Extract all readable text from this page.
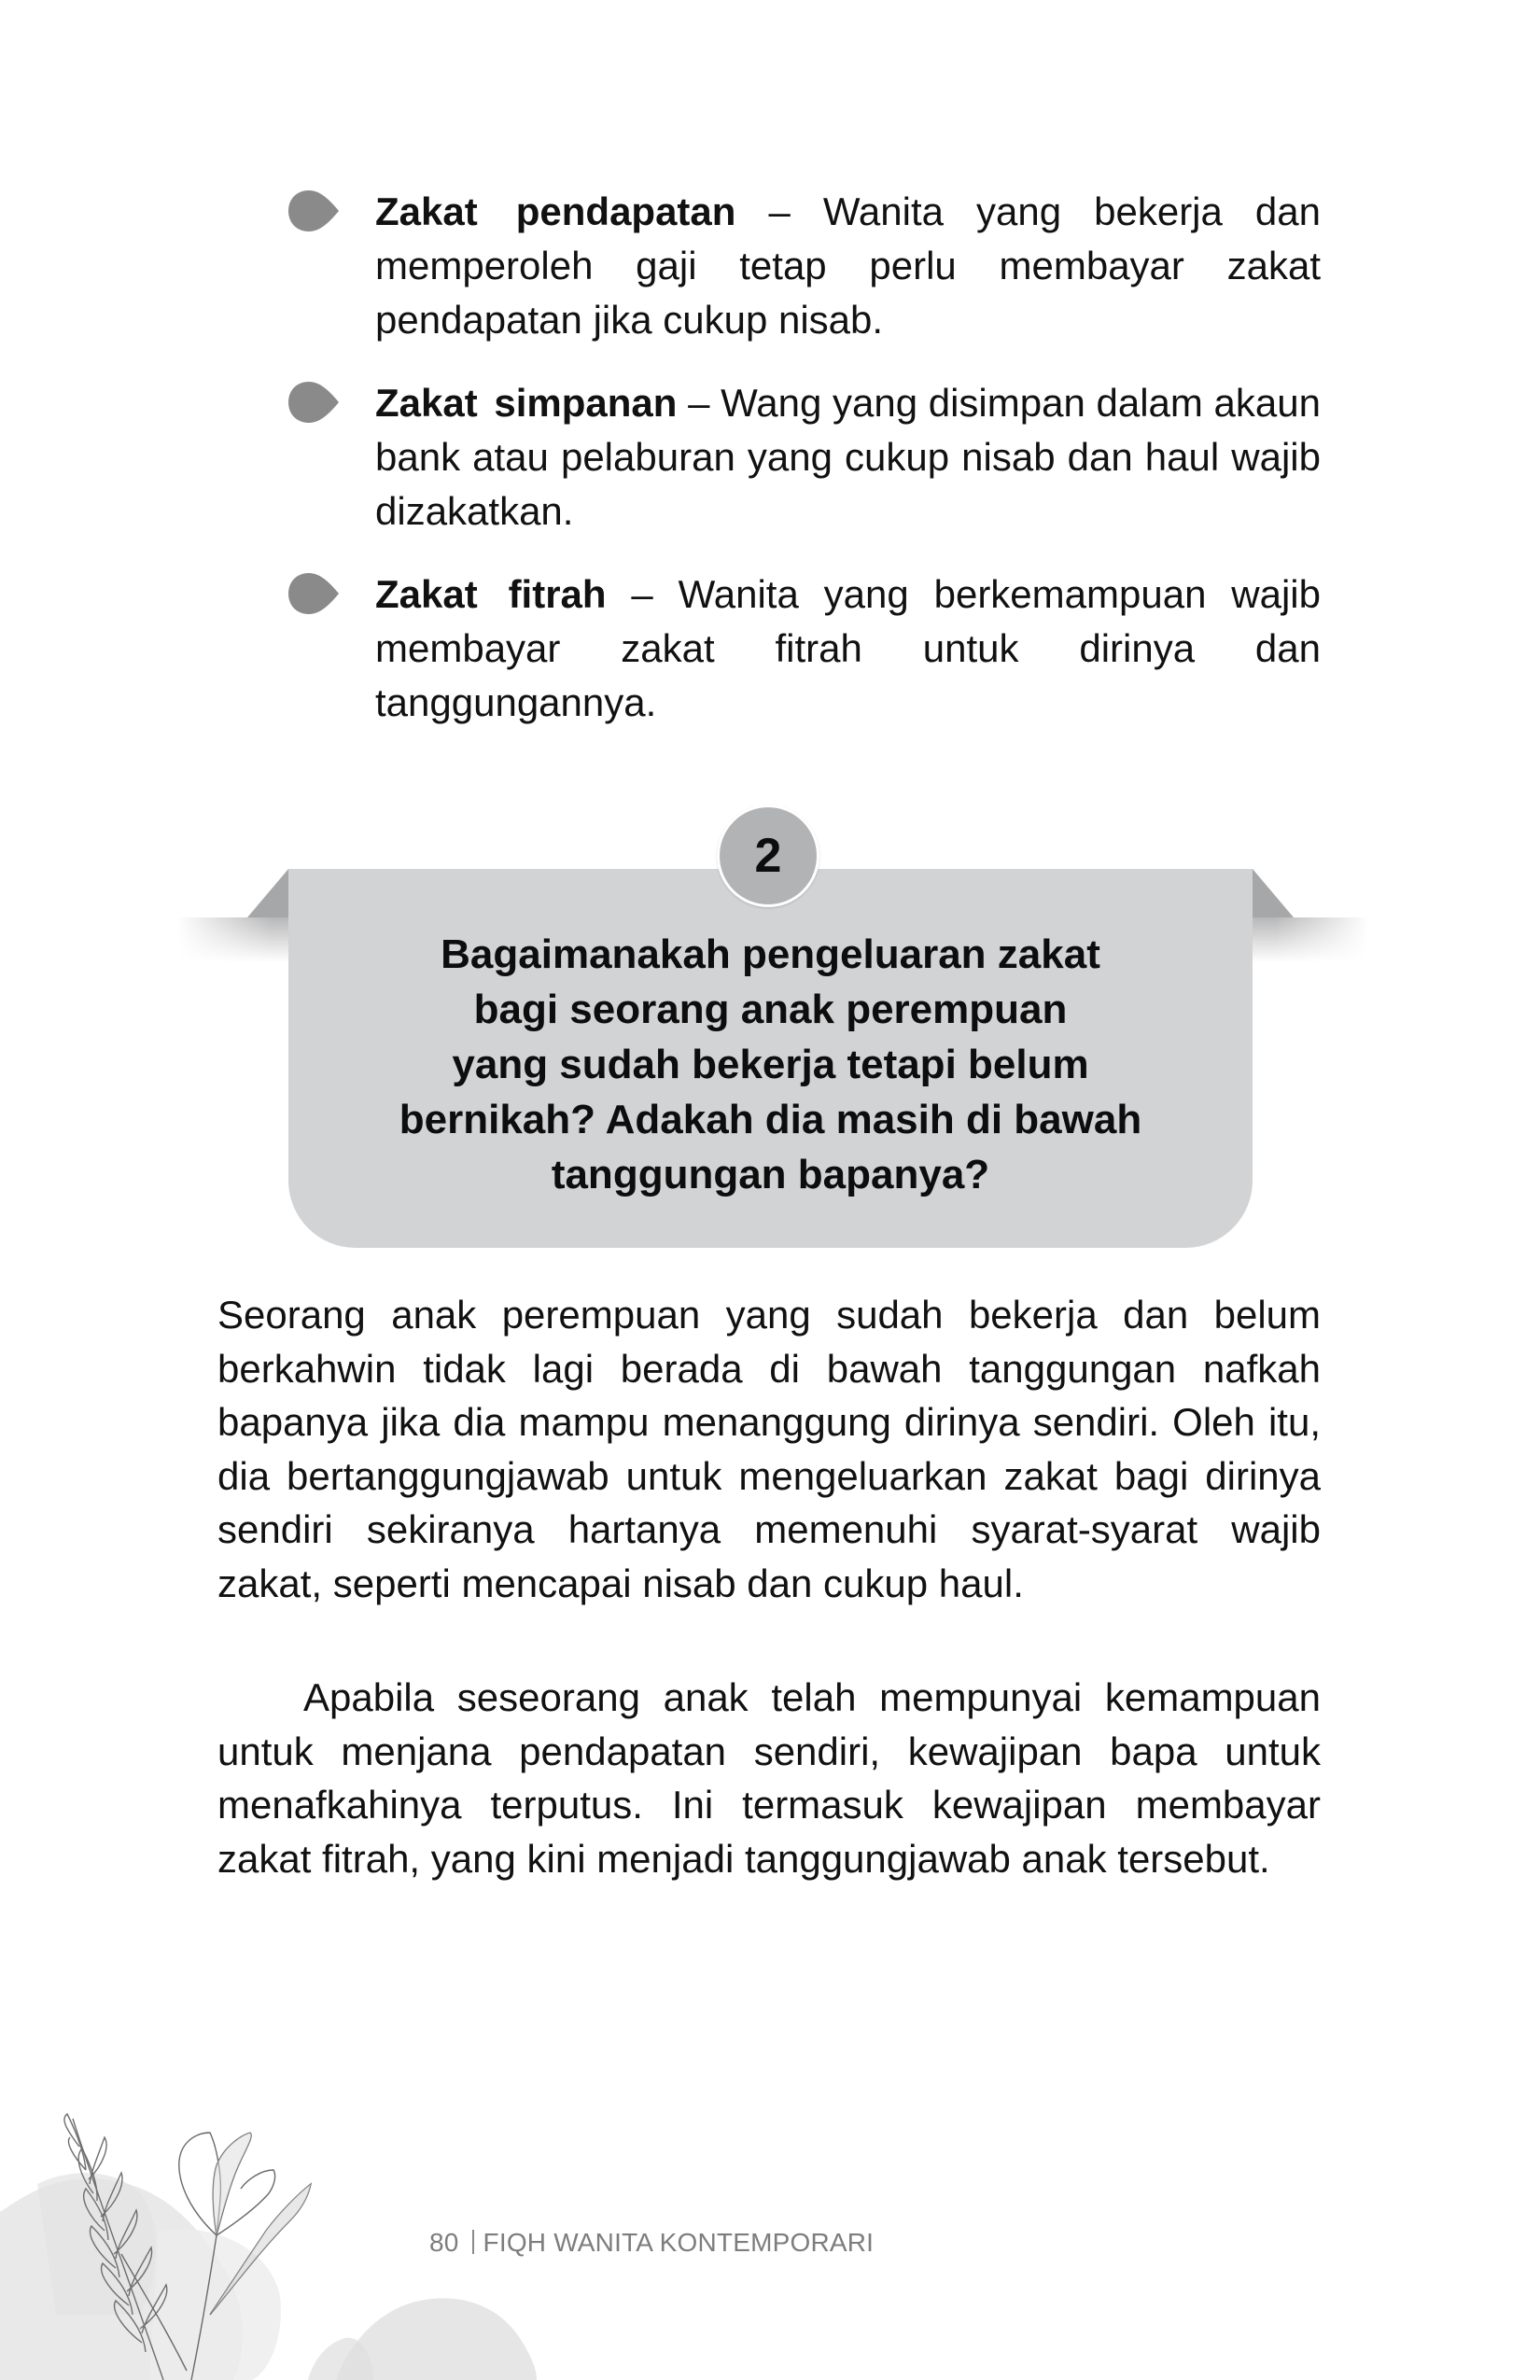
Zakat pendapatan – Wanita yang bekerja dan memperoleh gaji tetap perlu membayar zakat pendapatan jika cukup nisab.
Zakat simpanan – Wang yang disimpan dalam akaun bank atau pelaburan yang cukup nisab dan haul wajib dizakatkan.
Zakat fitrah – Wanita yang berkemampuan wajib membayar zakat fitrah untuk dirinya dan tanggungannya.
Bagaimanakah pengeluaran zakat
bagi seorang anak perempuan
yang sudah bekerja tetapi belum
bernikah? Adakah dia masih di bawah
tanggungan bapanya?
2

Seorang anak perempuan yang sudah bekerja dan belum berkahwin tidak lagi berada di bawah tanggungan nafkah bapanya jika dia mampu menanggung dirinya sendiri. Oleh itu, dia bertanggungjawab untuk mengeluarkan zakat bagi dirinya sendiri sekiranya hartanya memenuhi syarat-syarat wajib zakat, seperti mencapai nisab dan cukup haul.

Apabila seseorang anak telah mempunyai kemampuan untuk menjana pendapatan sendiri, kewajipan bapa untuk menafkahinya terputus. Ini termasuk kewajipan membayar zakat fitrah, yang kini menjadi tanggungjawab anak tersebut.

80 FIQH WANITA KONTEMPORARI
